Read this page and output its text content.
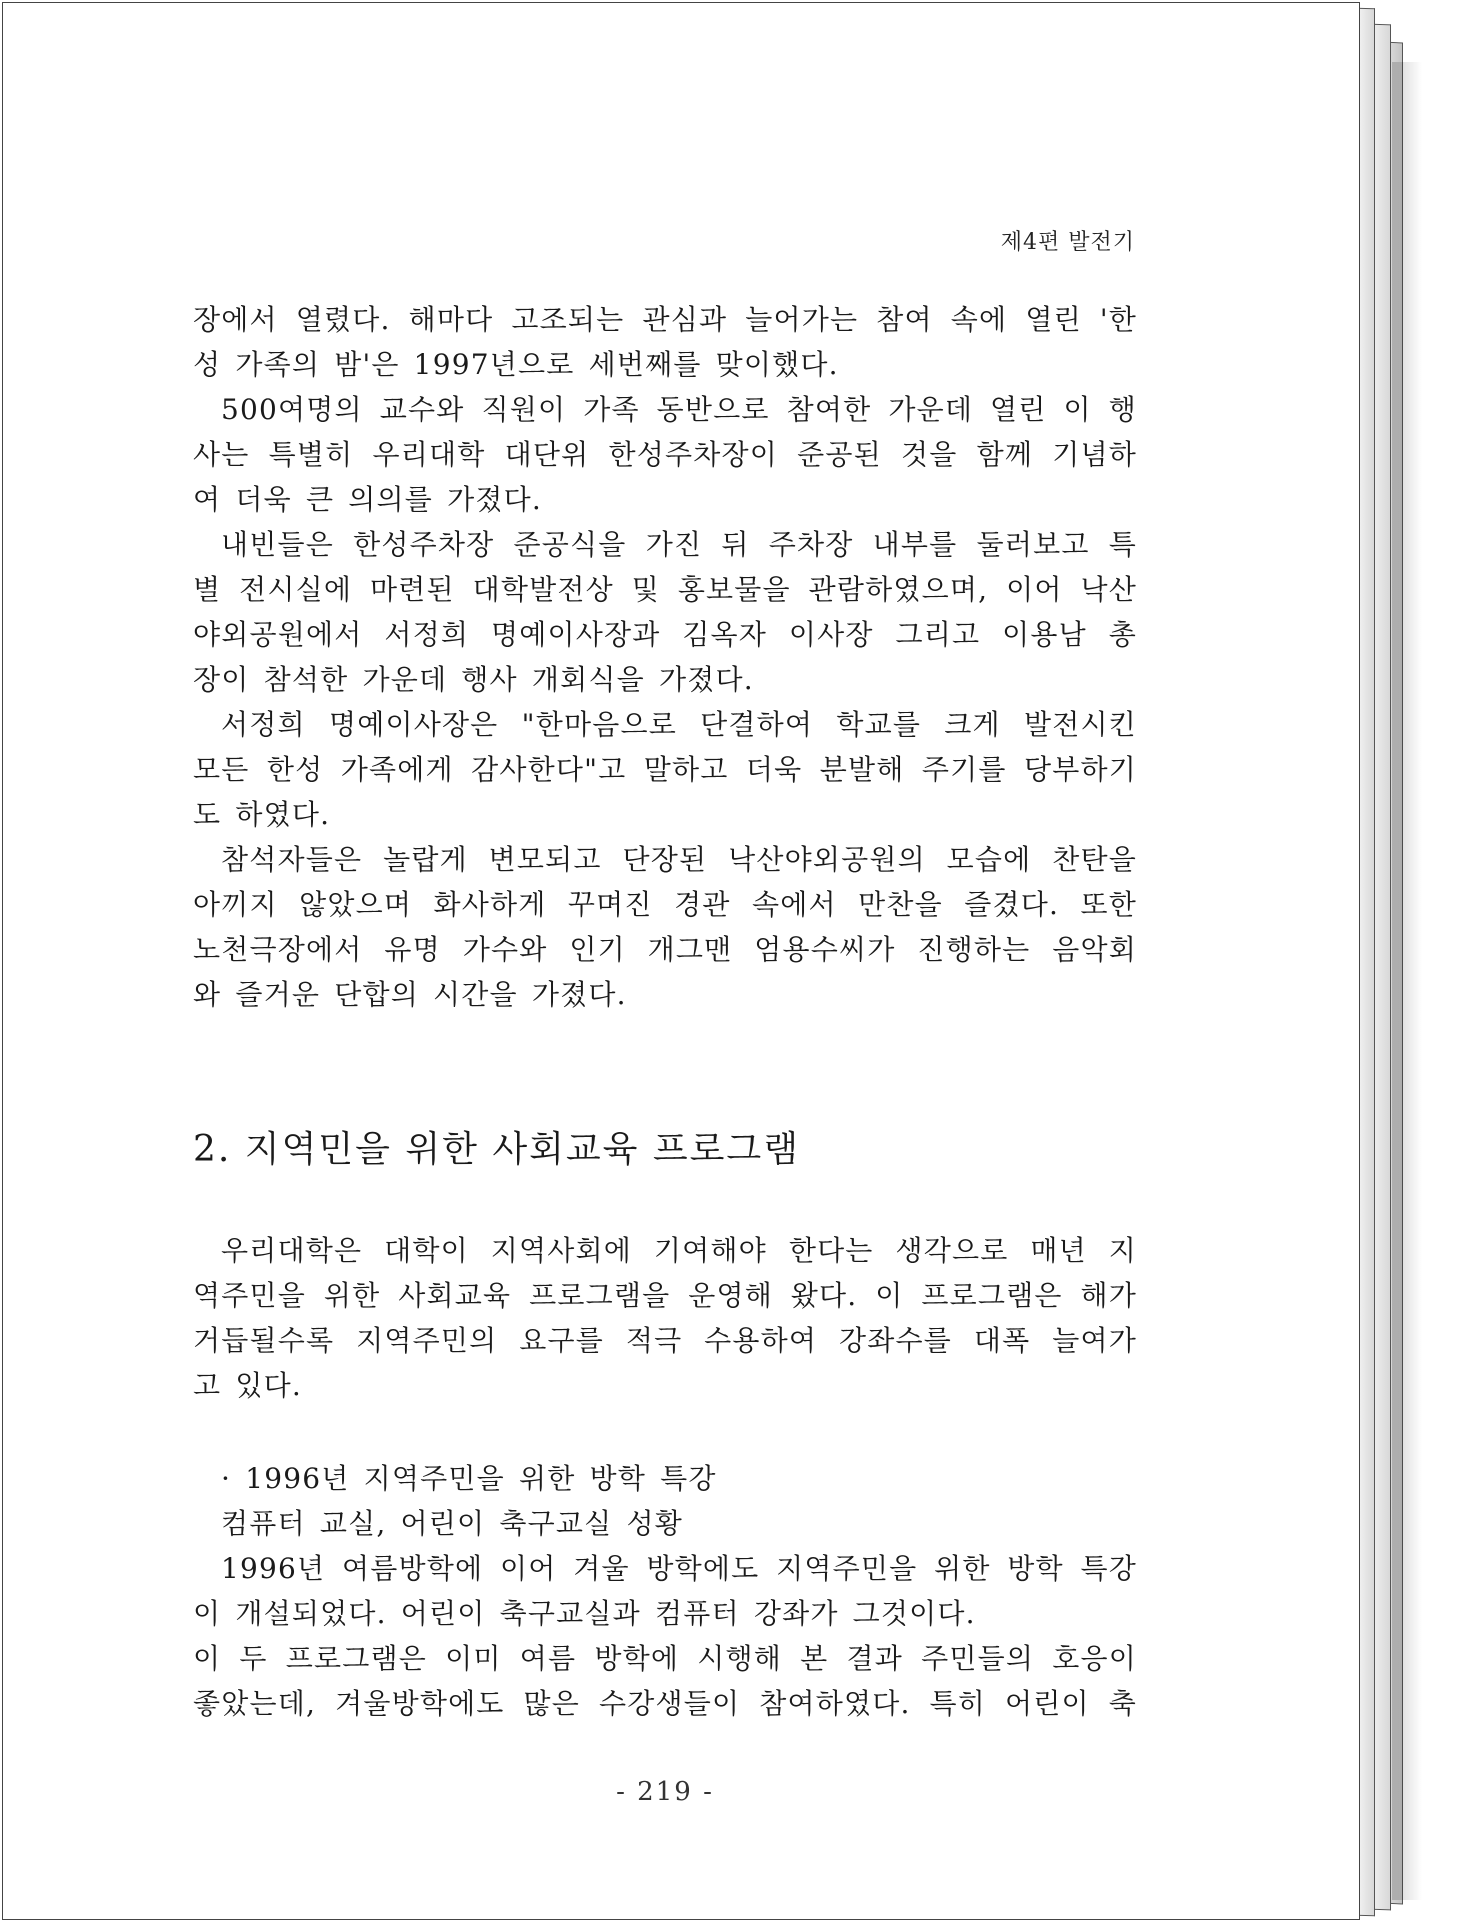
제4편 발전기

장에서 열렸다. 해마다 고조되는 관심과 늘어가는 참여 속에 열린 '한

성 가족의 밤'은 1997년으로 세번째를 맞이했다.

500여명의 교수와 직원이 가족 동반으로 참여한 가운데 열린 이 행

사는 특별히 우리대학 대단위 한성주차장이 준공된 것을 함께 기념하

여 더욱 큰 의의를 가졌다.

내빈들은 한성주차장 준공식을 가진 뒤 주차장 내부를 둘러보고 특

별 전시실에 마련된 대학발전상 및 홍보물을 관람하였으며, 이어 낙산

야외공원에서 서정희 명예이사장과 김옥자 이사장 그리고 이용남 총

장이 참석한 가운데 행사 개회식을 가졌다.

서정희 명예이사장은 "한마음으로 단결하여 학교를 크게 발전시킨

모든 한성 가족에게 감사한다"고 말하고 더욱 분발해 주기를 당부하기

도 하였다.

참석자들은 놀랍게 변모되고 단장된 낙산야외공원의 모습에 찬탄을

아끼지 않았으며 화사하게 꾸며진 경관 속에서 만찬을 즐겼다. 또한

노천극장에서 유명 가수와 인기 개그맨 엄용수씨가 진행하는 음악회

와 즐거운 단합의 시간을 가졌다.

2. 지역민을 위한 사회교육 프로그램

우리대학은 대학이 지역사회에 기여해야 한다는 생각으로 매년 지

역주민을 위한 사회교육 프로그램을 운영해 왔다. 이 프로그램은 해가

거듭될수록 지역주민의 요구를 적극 수용하여 강좌수를 대폭 늘여가

고 있다.

· 1996년 지역주민을 위한 방학 특강

컴퓨터 교실, 어린이 축구교실 성황

1996년 여름방학에 이어 겨울 방학에도 지역주민을 위한 방학 특강

이 개설되었다. 어린이 축구교실과 컴퓨터 강좌가 그것이다.

이 두 프로그램은 이미 여름 방학에 시행해 본 결과 주민들의 호응이

좋았는데, 겨울방학에도 많은 수강생들이 참여하였다. 특히 어린이 축

- 219 -
